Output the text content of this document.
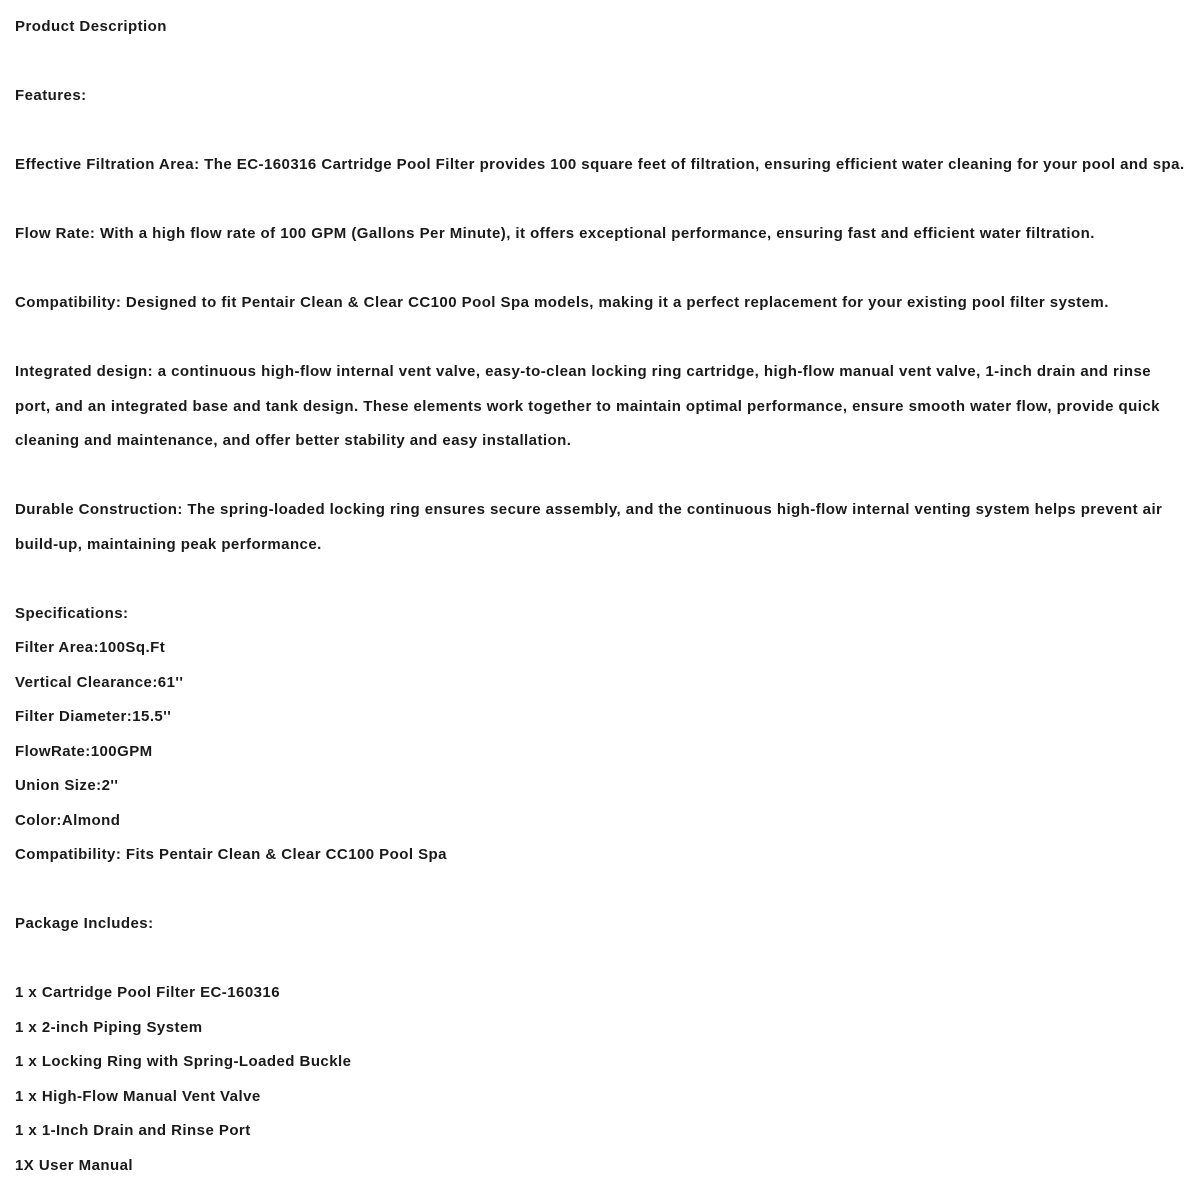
Product Description

Features:

Effective Filtration Area: The EC-160316 Cartridge Pool Filter provides 100 square feet of filtration, ensuring efficient water cleaning for your pool and spa.

Flow Rate: With a high flow rate of 100 GPM (Gallons Per Minute), it offers exceptional performance, ensuring fast and efficient water filtration.

Compatibility: Designed to fit Pentair Clean & Clear CC100 Pool Spa models, making it a perfect replacement for your existing pool filter system.

Integrated design: a continuous high-flow internal vent valve, easy-to-clean locking ring cartridge, high-flow manual vent valve, 1-inch drain and rinse port, and an integrated base and tank design. These elements work together to maintain optimal performance, ensure smooth water flow, provide quick cleaning and maintenance, and offer better stability and easy installation.

Durable Construction: The spring-loaded locking ring ensures secure assembly, and the continuous high-flow internal venting system helps prevent air build-up, maintaining peak performance.

Specifications:

Filter Area:100Sq.Ft

Vertical Clearance:61''

Filter Diameter:15.5''

FlowRate:100GPM

Union Size:2''

Color:Almond

Compatibility: Fits Pentair Clean & Clear CC100 Pool Spa

Package Includes:

1 x Cartridge Pool Filter EC-160316

1 x 2-inch Piping System

1 x Locking Ring with Spring-Loaded Buckle

1 x High-Flow Manual Vent Valve

1 x 1-Inch Drain and Rinse Port

1X User Manual
